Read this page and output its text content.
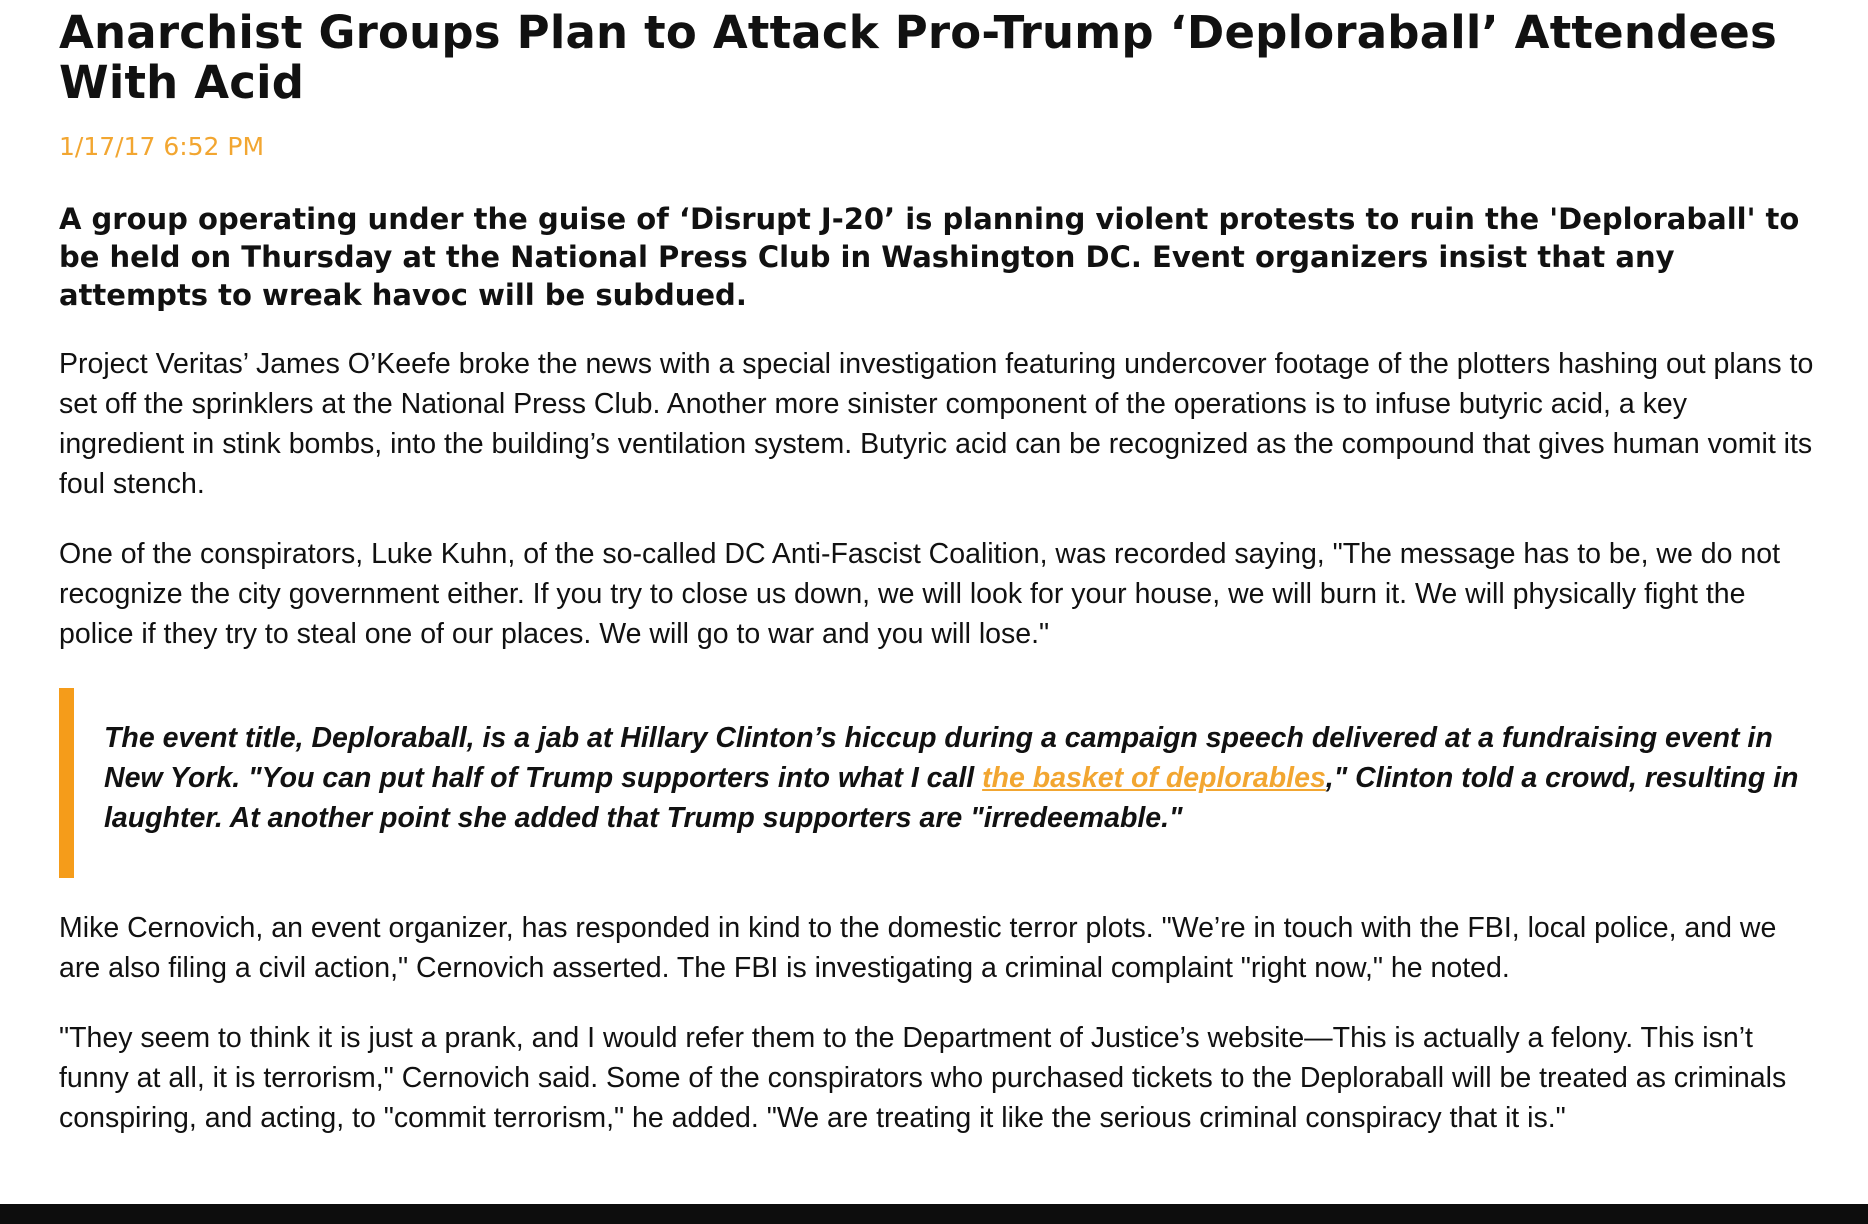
Anarchist Groups Plan to Attack Pro-Trump ‘Deploraball’ Attendees With Acid
1/17/17 6:52 PM
A group operating under the guise of ‘Disrupt J-20’ is planning violent protests to ruin the 'Deploraball' to be held on Thursday at the National Press Club in Washington DC. Event organizers insist that any attempts to wreak havoc will be subdued.
Project Veritas’ James O’Keefe broke the news with a special investigation featuring undercover footage of the plotters hashing out plans to set off the sprinklers at the National Press Club. Another more sinister component of the operations is to infuse butyric acid, a key ingredient in stink bombs, into the building’s ventilation system. Butyric acid can be recognized as the compound that gives human vomit its foul stench.
One of the conspirators, Luke Kuhn, of the so-called DC Anti-Fascist Coalition, was recorded saying, "The message has to be, we do not recognize the city government either. If you try to close us down, we will look for your house, we will burn it. We will physically fight the police if they try to steal one of our places. We will go to war and you will lose."
The event title, Deploraball, is a jab at Hillary Clinton’s hiccup during a campaign speech delivered at a fundraising event in New York. "You can put half of Trump supporters into what I call the basket of deplorables," Clinton told a crowd, resulting in laughter. At another point she added that Trump supporters are "irredeemable."
Mike Cernovich, an event organizer, has responded in kind to the domestic terror plots. "We’re in touch with the FBI, local police, and we are also filing a civil action," Cernovich asserted. The FBI is investigating a criminal complaint "right now," he noted.
"They seem to think it is just a prank, and I would refer them to the Department of Justice’s website—This is actually a felony. This isn’t funny at all, it is terrorism," Cernovich said. Some of the conspirators who purchased tickets to the Deploraball will be treated as criminals conspiring, and acting, to "commit terrorism," he added. "We are treating it like the serious criminal conspiracy that it is."
